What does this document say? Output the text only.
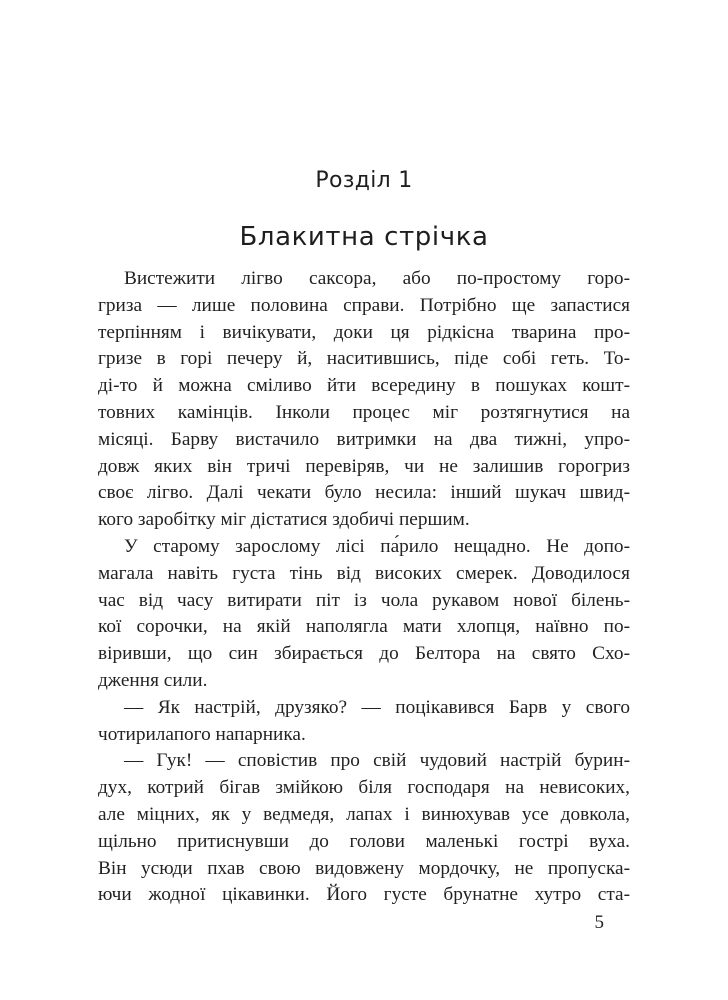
Розділ 1
Блакитна стрічка
Вистежити лігво саксора, або по-простому горо-
гриза — лише половина справи. Потрібно ще запастися
терпінням і вичікувати, доки ця рідкісна тварина про-
гризе в горі печеру й, наситившись, піде собі геть. То-
ді-то й можна сміливо йти всередину в пошуках кошт-
товних камінців. Інколи процес міг розтягнутися на
місяці. Барву вистачило витримки на два тижні, упро-
довж яких він тричі перевіряв, чи не залишив горогриз
своє лігво. Далі чекати було несила: інший шукач швид-
кого заробітку міг дістатися здобичі першим.
У старому зарослому лісі па́рило нещадно. Не допо-
магала навіть густа тінь від високих смерек. Доводилося
час від часу витирати піт із чола рукавом нової білень-
кої сорочки, на якій наполягла мати хлопця, наївно по-
віривши, що син збирається до Белтора на свято Схо-
дження сили.
— Як настрій, друзяко? — поцікавився Барв у свого
чотирилапого напарника.
— Гук! — сповістив про свій чудовий настрій бурин-
дух, котрий бігав змійкою біля господаря на невисоких,
але міцних, як у ведмедя, лапах і винюхував усе довкола,
щільно притиснувши до голови маленькі гострі вуха.
Він усюди пхав свою видовжену мордочку, не пропуска-
ючи жодної цікавинки. Його густе брунатне хутро ста-
5
